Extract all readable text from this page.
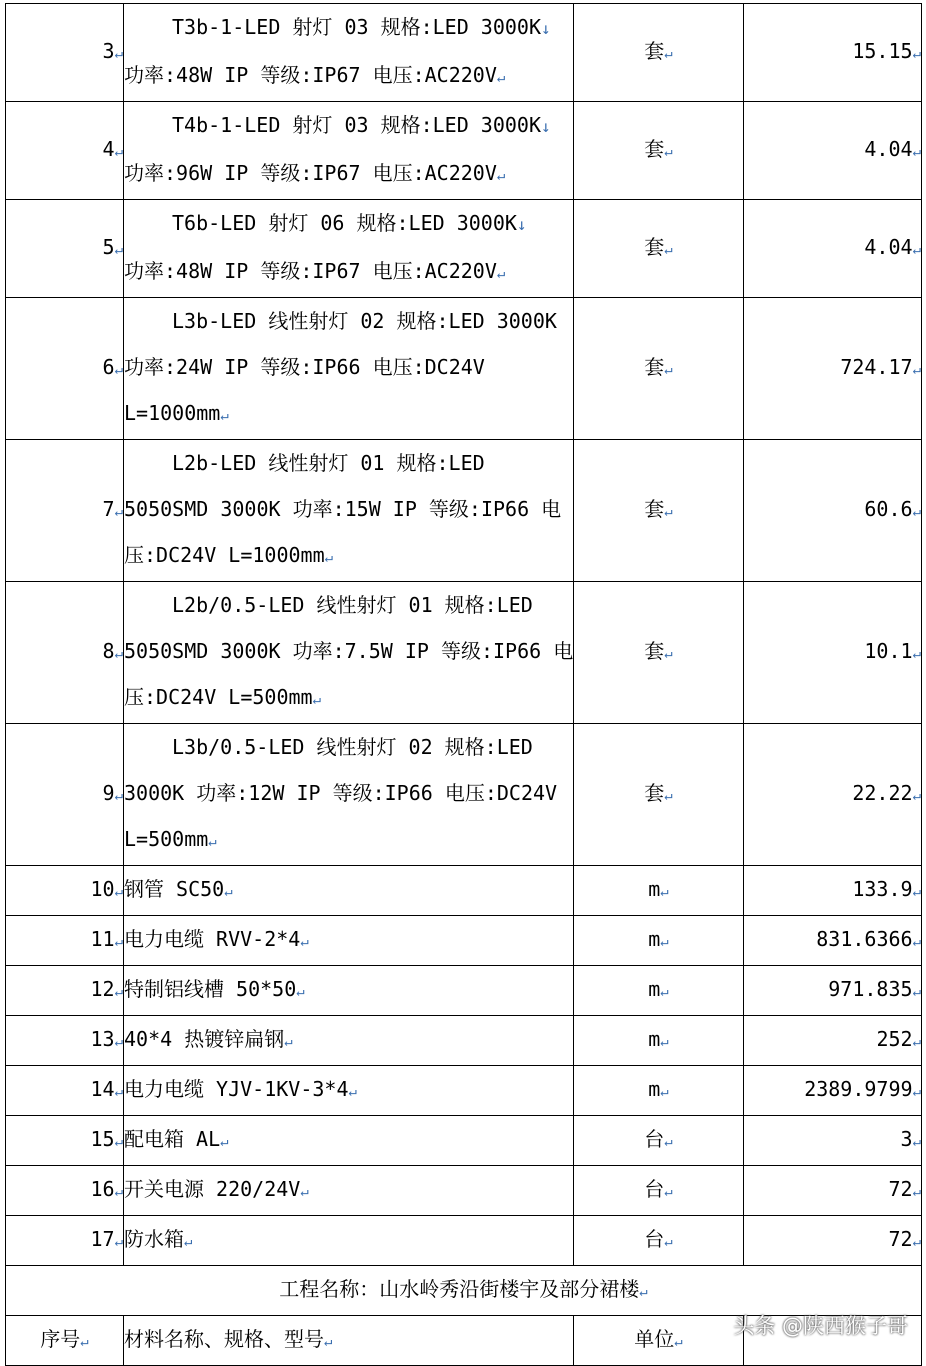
3↵	T3b-1-LED 射灯 03 规格:LED 3000K↓
功率:48W IP 等级:IP67 电压:AC220V↵	套↵	15.15↵
4↵	T4b-1-LED 射灯 03 规格:LED 3000K↓
功率:96W IP 等级:IP67 电压:AC220V↵	套↵	4.04↵
5↵	T6b-LED 射灯 06 规格:LED 3000K↓
功率:48W IP 等级:IP67 电压:AC220V↵	套↵	4.04↵
6↵	L3b-LED 线性射灯 02 规格:LED 3000K
功率:24W IP 等级:IP66 电压:DC24V
L=1000mm↵	套↵	724.17↵
7↵	L2b-LED 线性射灯 01 规格:LED
5050SMD 3000K 功率:15W IP 等级:IP66 电
压:DC24V L=1000mm↵	套↵	60.6↵
8↵	L2b/0.5-LED 线性射灯 01 规格:LED
5050SMD 3000K 功率:7.5W IP 等级:IP66 电
压:DC24V L=500mm↵	套↵	10.1↵
9↵	L3b/0.5-LED 线性射灯 02 规格:LED
3000K 功率:12W IP 等级:IP66 电压:DC24V
L=500mm↵	套↵	22.22↵
10↵	钢管 SC50↵	m↵	133.9↵
11↵	电力电缆 RVV-2*4↵	m↵	831.6366↵
12↵	特制铝线槽 50*50↵	m↵	971.835↵
13↵	40*4 热镀锌扁钢↵	m↵	252↵
14↵	电力电缆 YJV-1KV-3*4↵	m↵	2389.9799↵
15↵	配电箱 AL↵	台↵	3↵
16↵	开关电源 220/24V↵	台↵	72↵
17↵	防水箱↵	台↵	72↵
工程名称：山水岭秀沿街楼宇及部分裙楼↵			
序号↵	材料名称、规格、型号↵	单位↵	
头条 @陕西猴子哥
